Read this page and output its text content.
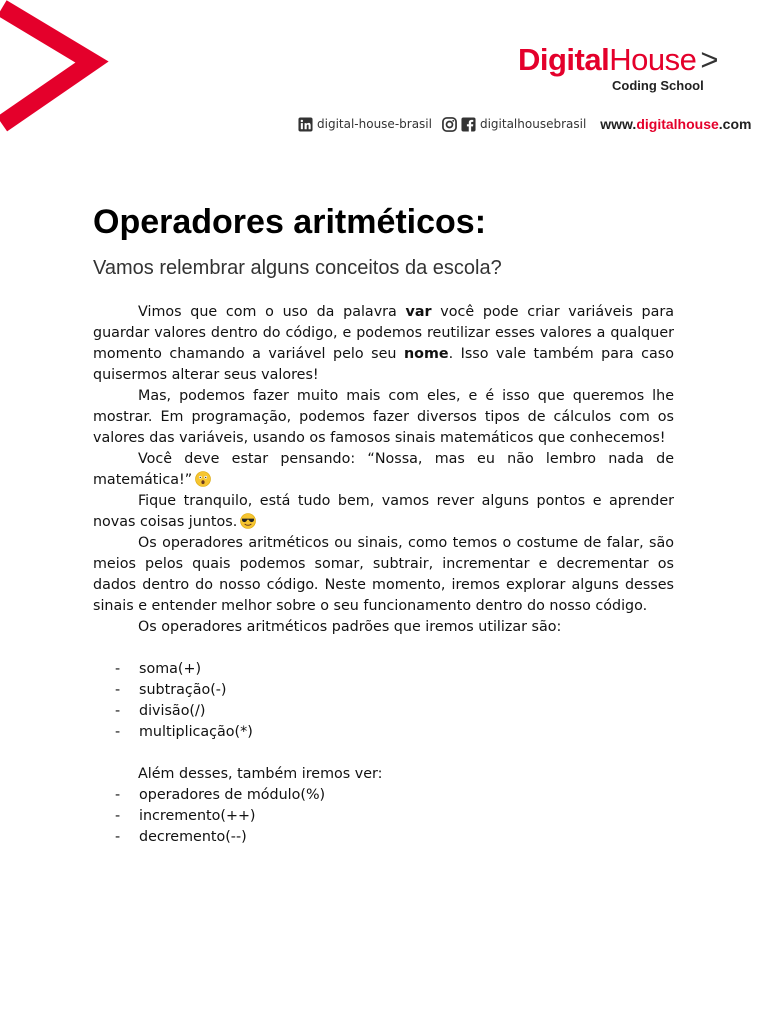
DigitalHouse >
Coding School
digital-house-brasil	digitalhousebrasil www.digitalhouse.com
Operadores aritméticos:
Vamos relembrar alguns conceitos da escola?

Vimos que com o uso da palavra var você pode criar variáveis para guardar valores dentro do código, e podemos reutilizar esses valores a qualquer momento chamando a variável pelo seu nome. Isso vale também para caso quisermos alterar seus valores!

Mas, podemos fazer muito mais com eles, e é isso que queremos lhe mostrar. Em programação, podemos fazer diversos tipos de cálculos com os valores das variáveis, usando os famosos sinais matemáticos que conhecemos!

Você deve estar pensando: “Nossa, mas eu não lembro nada de matemática!”

Fique tranquilo, está tudo bem, vamos rever alguns pontos e aprender novas coisas juntos.

Os operadores aritméticos ou sinais, como temos o costume de falar, são meios pelos quais podemos somar, subtrair, incrementar e decrementar os dados dentro do nosso código. Neste momento, iremos explorar alguns desses sinais e entender melhor sobre o seu funcionamento dentro do nosso código.

Os operadores aritméticos padrões que iremos utilizar são:

- soma(+)
- subtração(-)
- divisão(/)
- multiplicação(*)

Além desses, também iremos ver:

- operadores de módulo(%)
- incremento(++)
- decremento(--)
